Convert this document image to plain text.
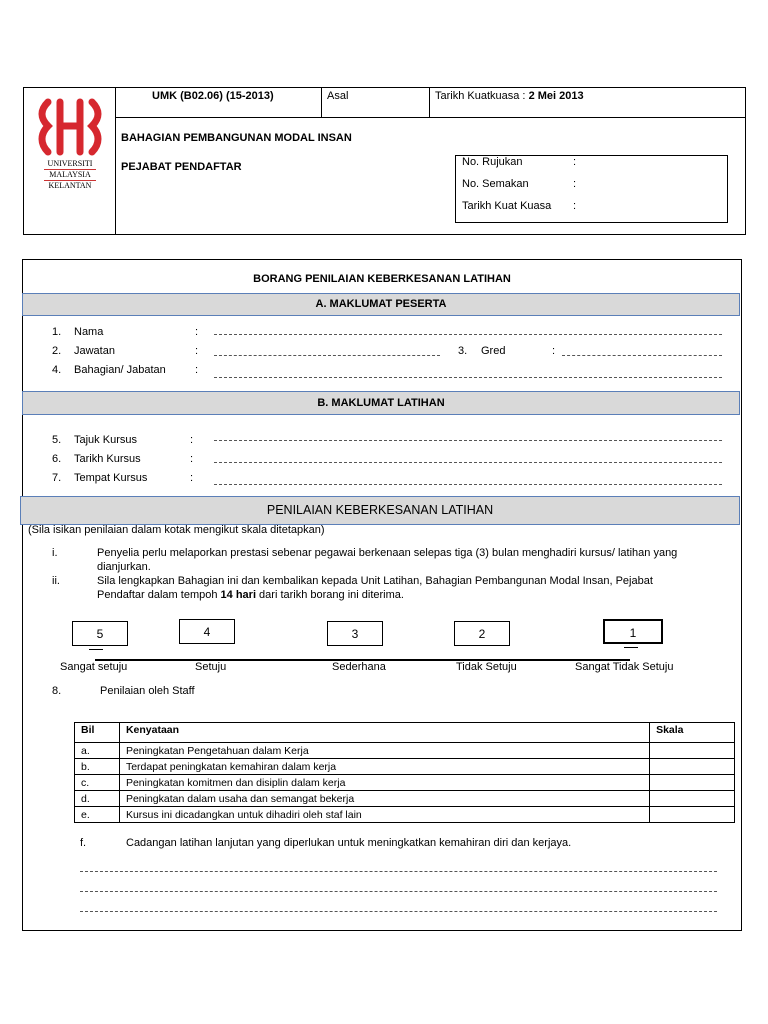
UNIVERSITI
MALAYSIA
KELANTAN
UMK (B02.06) (15-2013)	Asal	Tarikh Kuatkuasa : 2 Mei 2013
BAHAGIAN PEMBANGUNAN MODAL INSAN
PEJABAT PENDAFTAR	No. Rujukan	:
No. Semakan	:
Tarikh Kuat Kuasa :
BORANG PENILAIAN KEBERKESANAN LATIHAN
A. MAKLUMAT PESERTA
1. Nama	:
2. Jawatan	:	3. Gred	:
4. Bahagian/ Jabatan	:
B. MAKLUMAT LATIHAN
5. Tajuk Kursus	:
6. Tarikh Kursus	:
7. Tempat Kursus	:
PENILAIAN KEBERKESANAN LATIHAN
(Sila isikan penilaian dalam kotak mengikut skala ditetapkan)
i.	Penyelia perlu melaporkan prestasi sebenar pegawai berkenaan selepas tiga (3) bulan menghadiri kursus/ latihan yang
dianjurkan.
ii.	Sila lengkapkan Bahagian ini dan kembalikan kepada Unit Latihan, Bahagian Pembangunan Modal Insan, Pejabat
Pendaftar dalam tempoh 14 hari dari tarikh borang ini diterima.
5	4	3	2	1
Sangat setuju	Setuju	Sederhana	Tidak Setuju	Sangat Tidak Setuju
8.	Penilaian oleh Staff
Bil	Kenyataan	Skala
a.	Peningkatan Pengetahuan dalam Kerja	
b.	Terdapat peningkatan kemahiran dalam kerja	
c.	Peningkatan komitmen dan disiplin dalam kerja	
d.	Peningkatan dalam usaha dan semangat bekerja	
e.	Kursus ini dicadangkan untuk dihadiri oleh staf lain	
f.	Cadangan latihan lanjutan yang diperlukan untuk meningkatkan kemahiran diri dan kerjaya.
